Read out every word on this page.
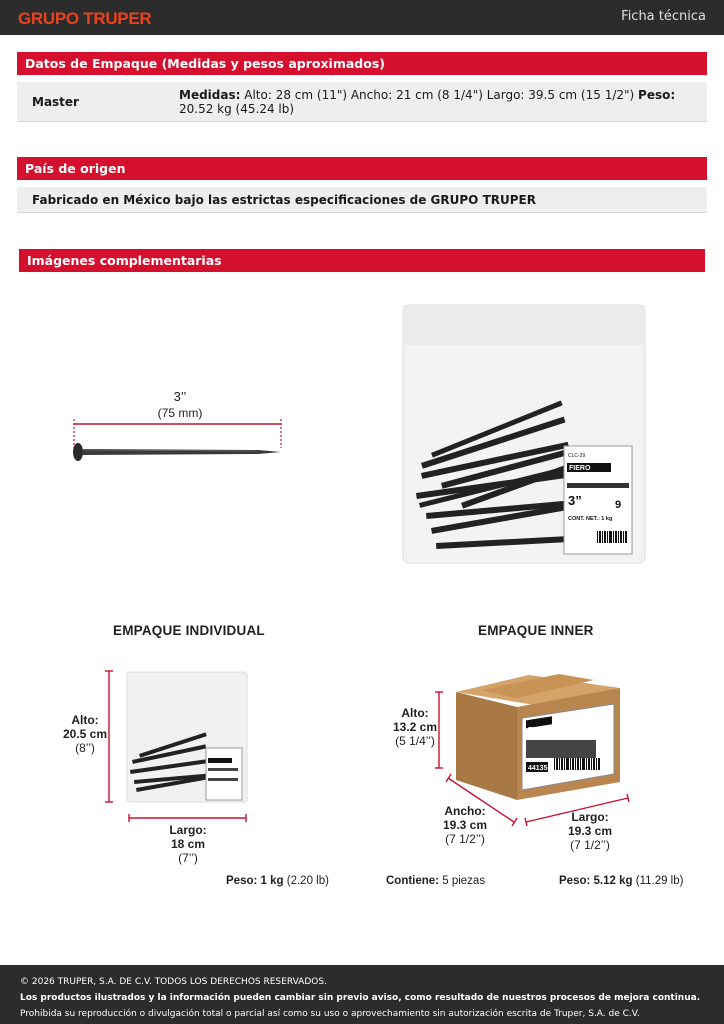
GRUPO TRUPER	Ficha técnica
Datos de Empaque (Medidas y pesos aproximados)
Master	Medidas: Alto: 28 cm (11") Ancho: 21 cm (8 1/4") Largo: 39.5 cm (15 1/2") Peso: 20.52 kg (45.24 lb)
País de origen
Fabricado en México bajo las estrictas especificaciones de GRUPO TRUPER
Imágenes complementarias
3’’
(75 mm)
FIERO
CLC-39
3”	9
CONT. NET.: 1 kg
EMPAQUE INDIVIDUAL	EMPAQUE INNER
Alto:
20.5 cm
(8’’)
Largo:
18 cm
(7’’)
FIERO
44135
Alto:
13.2 cm
(5 1/4’’)
Ancho:
19.3 cm
(7 1/2’’)
Largo:
19.3 cm
(7 1/2’’)
Peso: 1 kg (2.20 lb)	Contiene: 5 piezas	Peso: 5.12 kg (11.29 lb)
© 2026 TRUPER, S.A. DE C.V. TODOS LOS DERECHOS RESERVADOS.
Los productos ilustrados y la información pueden cambiar sin previo aviso, como resultado de nuestros procesos de mejora continua.
Prohibida su reproducción o divulgación total o parcial así como su uso o aprovechamiento sin autorización escrita de Truper, S.A. de C.V.
